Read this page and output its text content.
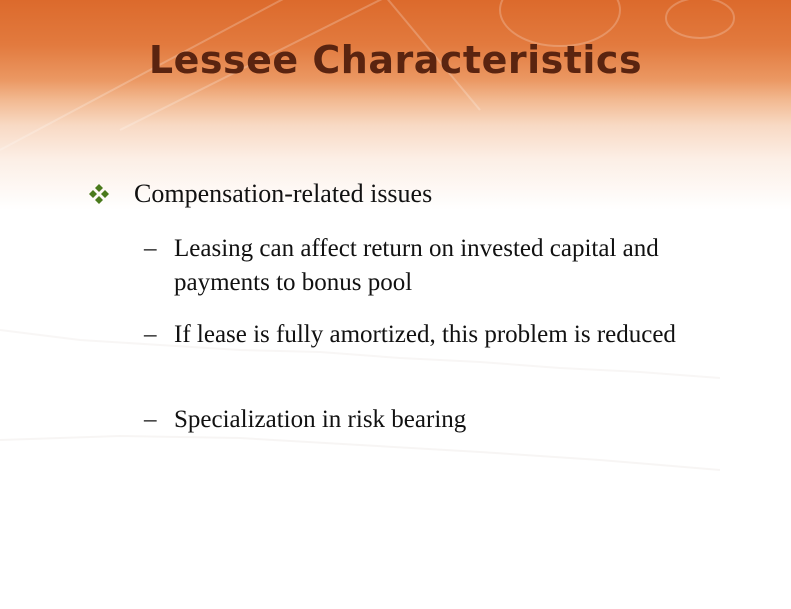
Lessee Characteristics
Compensation-related issues
– Leasing can affect return on invested capital and payments to bonus pool
– If lease is fully amortized, this problem is reduced
– Specialization in risk bearing
